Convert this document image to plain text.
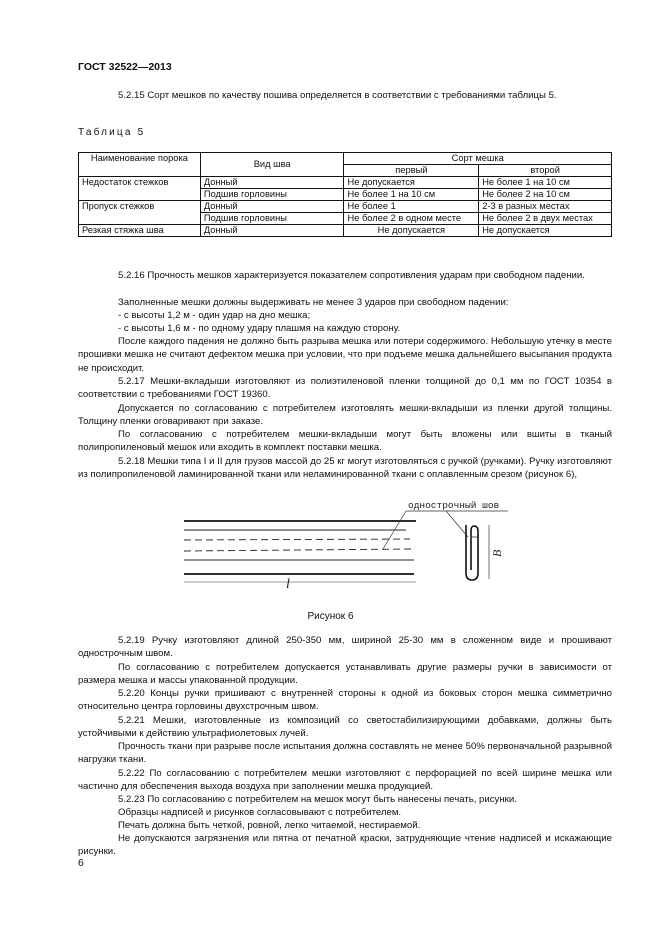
ГОСТ 32522—2013
5.2.15 Сорт мешков по качеству пошива определяется в соответствии с требованиями таблицы 5.
Таблица 5
Наименование порока	Вид шва	Сорт мешка	
		первый	второй
Недостаток стежков	Донный	Не допускается	Не более 1 на 10 см
	Подшив горловины	Не более 1 на 10 см	Не более 2 на 10 см
Пропуск стежков	Донный	Не более 1	2-3 в разных местах
	Подшив горловины	Не более 2 в одном месте	Не более 2 в двух местах
Резкая стяжка шва	Донный	Не допускается	Не допускается
5.2.16 Прочность мешков характеризуется показателем сопротивления ударам при свободном падении.
Заполненные мешки должны выдерживать не менее 3 ударов при свободном падении:
- с высоты 1,2 м - один удар на дно мешка;
- с высоты 1,6 м - по одному удару плашмя на каждую сторону.
После каждого падения не должно быть разрыва мешка или потери содержимого. Небольшую утечку в месте прошивки мешка не считают дефектом мешка при условии, что при подъеме мешка дальнейшего высыпания продукта не происходит.
5.2.17 Мешки-вкладыши изготовляют из полиэтиленовой пленки толщиной до 0,1 мм по ГОСТ 10354 в соответствии с требованиями ГОСТ 19360.
Допускается по согласованию с потребителем изготовлять мешки-вкладыши из пленки другой толщины. Толщину пленки оговаривают при заказе.
По согласованию с потребителем мешки-вкладыши могут быть вложены или вшиты в тканый полипропиленовый мешок или входить в комплект поставки мешка.
5.2.18 Мешки типа I и II для грузов массой до 25 кг могут изготовляться с ручкой (ручками). Ручку изготовляют из полипропиленовой ламинированной ткани или неламинированной ткани с оплавленным срезом (рисунок 6),
l
однострочный шов
B
Рисунок 6
5.2.19 Ручку изготовляют длиной 250-350 мм, шириной 25-30 мм в сложенном виде и прошивают однострочным швом.
По согласованию с потребителем допускается устанавливать другие размеры ручки в зависимости от размера мешка и массы упакованной продукции.
5.2.20 Концы ручки пришивают с внутренней стороны к одной из боковых сторон мешка симметрично относительно центра горловины двухстрочным швом.
5.2.21 Мешки, изготовленные из композиций со светостабилизирующими добавками, должны быть устойчивыми к действию ультрафиолетовых лучей.
Прочность ткани при разрыве после испытания должна составлять не менее 50% первоначальной разрывной нагрузки ткани.
5.2.22 По согласованию с потребителем мешки изготовляют с перфорацией по всей ширине мешка или частично для обеспечения выхода воздуха при заполнении мешка продукцией.
5.2.23 По согласованию с потребителем на мешок могут быть нанесены печать, рисунки.
Образцы надписей и рисунков согласовывают с потребителем.
Печать должна быть четкой, ровной, легко читаемой, нестираемой.
Не допускаются загрязнения или пятна от печатной краски, затрудняющие чтение надписей и искажающие рисунки.
6
